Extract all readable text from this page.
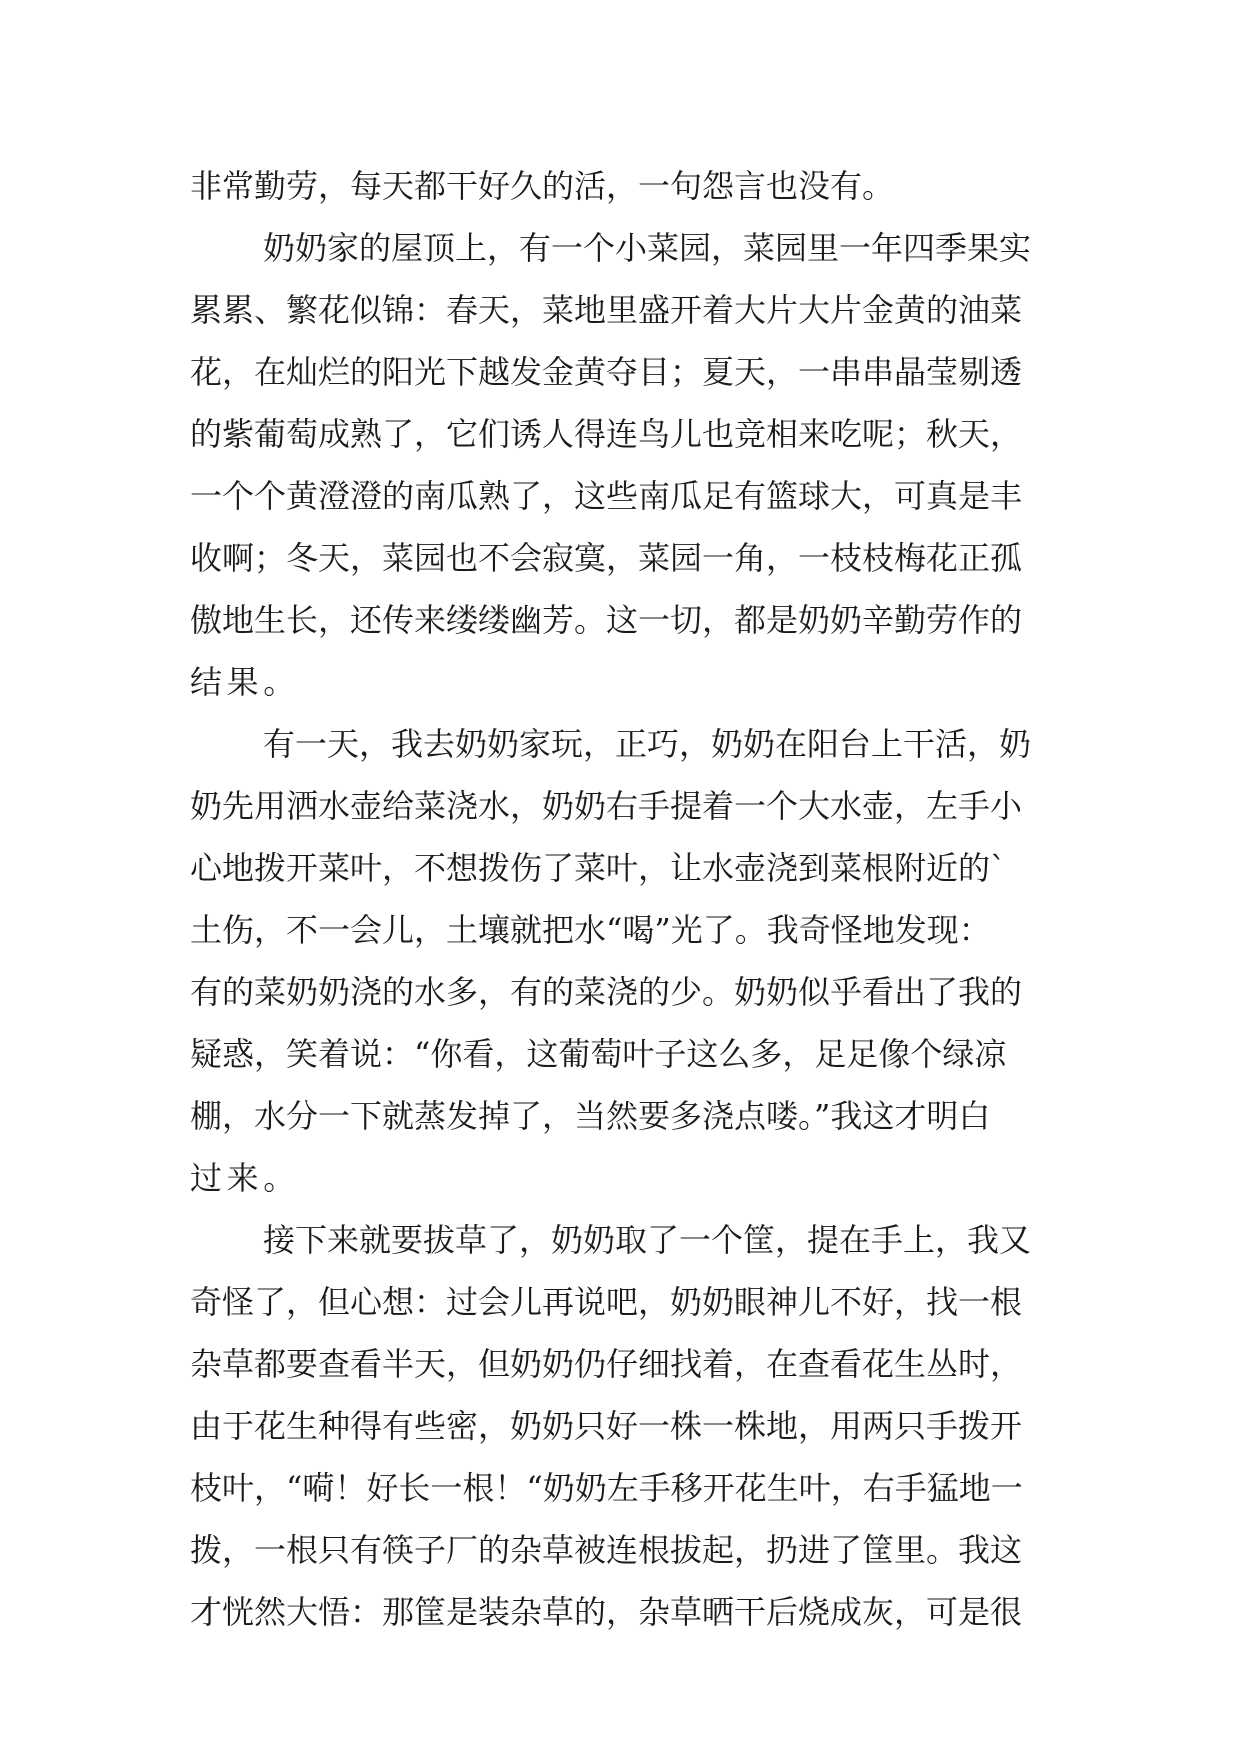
非常勤劳，每天都干好久的活，一句怨言也没有。
奶奶家的屋顶上，有一个小菜园，菜园里一年四季果实
累累、繁花似锦：春天，菜地里盛开着大片大片金黄的油菜
花，在灿烂的阳光下越发金黄夺目；夏天，一串串晶莹剔透
的紫葡萄成熟了，它们诱人得连鸟儿也竞相来吃呢；秋天，
一个个黄澄澄的南瓜熟了，这些南瓜足有篮球大，可真是丰
收啊；冬天，菜园也不会寂寞，菜园一角，一枝枝梅花正孤
傲地生长，还传来缕缕幽芳。这一切，都是奶奶辛勤劳作的
结果。
有一天，我去奶奶家玩，正巧，奶奶在阳台上干活，奶
奶先用洒水壶给菜浇水，奶奶右手提着一个大水壶，左手小
心地拨开菜叶，不想拨伤了菜叶，让水壶浇到菜根附近的`
土伤，不一会儿，土壤就把水“喝”光了。我奇怪地发现：
有的菜奶奶浇的水多，有的菜浇的少。奶奶似乎看出了我的
疑惑，笑着说：“你看，这葡萄叶子这么多，足足像个绿凉
棚，水分一下就蒸发掉了，当然要多浇点喽。”我这才明白
过来。
接下来就要拔草了，奶奶取了一个筐，提在手上，我又
奇怪了，但心想：过会儿再说吧，奶奶眼神儿不好，找一根
杂草都要查看半天，但奶奶仍仔细找着，在查看花生丛时，
由于花生种得有些密，奶奶只好一株一株地，用两只手拨开
枝叶，“嗬！好长一根！“奶奶左手移开花生叶，右手猛地一
拨，一根只有筷子厂的杂草被连根拔起，扔进了筐里。我这
才恍然大悟：那筐是装杂草的，杂草晒干后烧成灰，可是很
